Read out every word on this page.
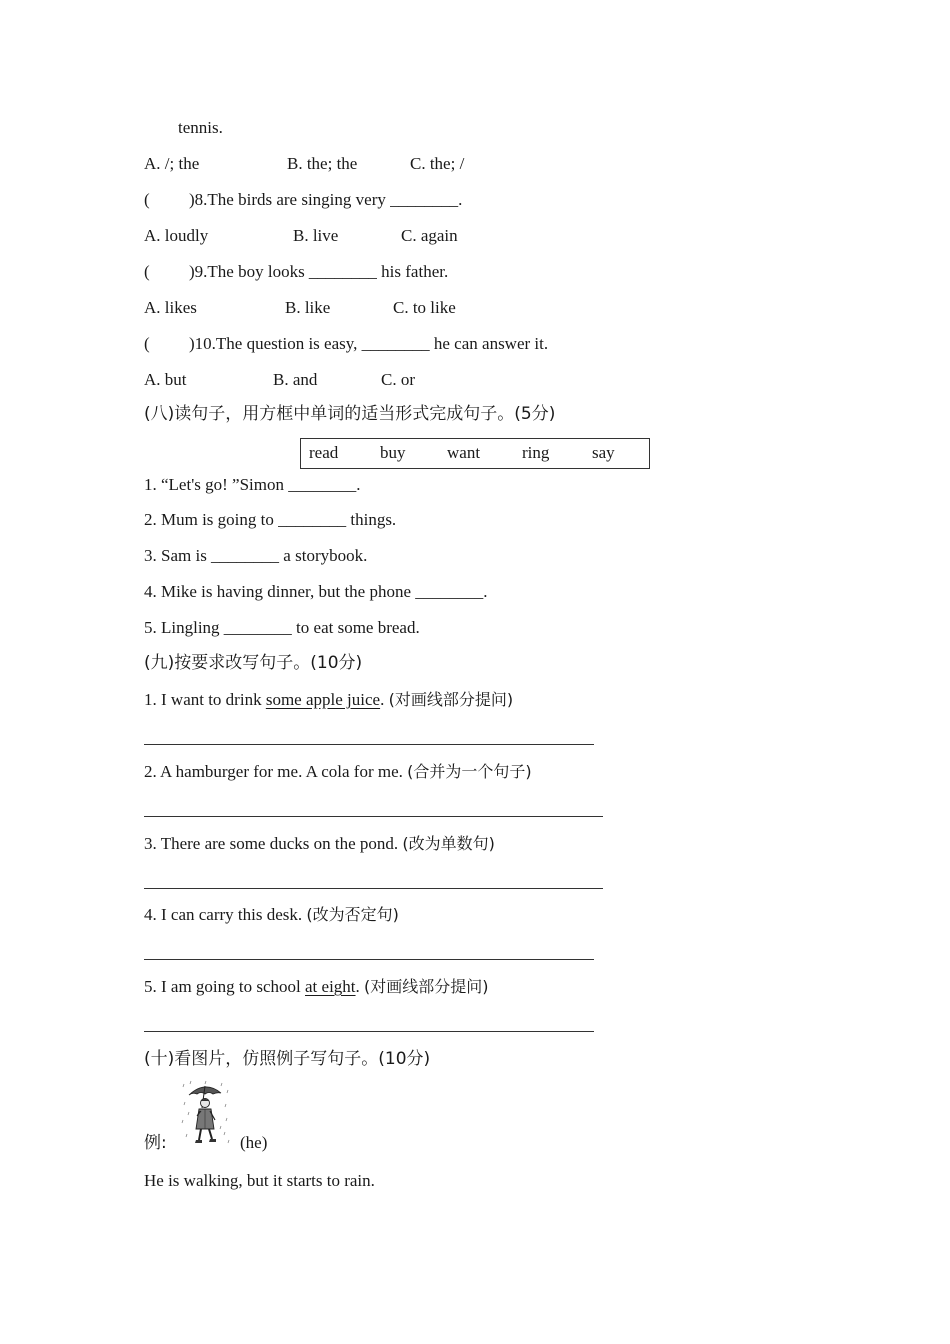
tennis.
A. /; the	B. the; the	C. the; /
( )8.The birds are singing very ________.
A. loudly	B. live	C. again
( )9.The boy looks ________ his father.
A. likes	B. like	C. to like
( )10.The question is easy, ________ he can answer it.
A. but	B. and	C. or
(八)读句子，用方框中单词的适当形式完成句子。(5分)
read buy want ring	say
1. “Let's go! ”Simon ________.
2. Mum is going to ________ things.
3. Sam is ________ a storybook.
4. Mike is having dinner, but the phone ________.
5. Lingling ________ to eat some bread.
(九)按要求改写句子。(10分)
1. I want to drink some apple juice. (对画线部分提问)
2. A hamburger for me. A cola for me. (合并为一个句子)
3. There are some ducks on the pond. (改为单数句)
4. I can carry this desk. (改为否定句)
5. I am going to school at eight. (对画线部分提问)
(十)看图片，仿照例子写句子。(10分)
例:	(he)
He is walking, but it starts to rain.
